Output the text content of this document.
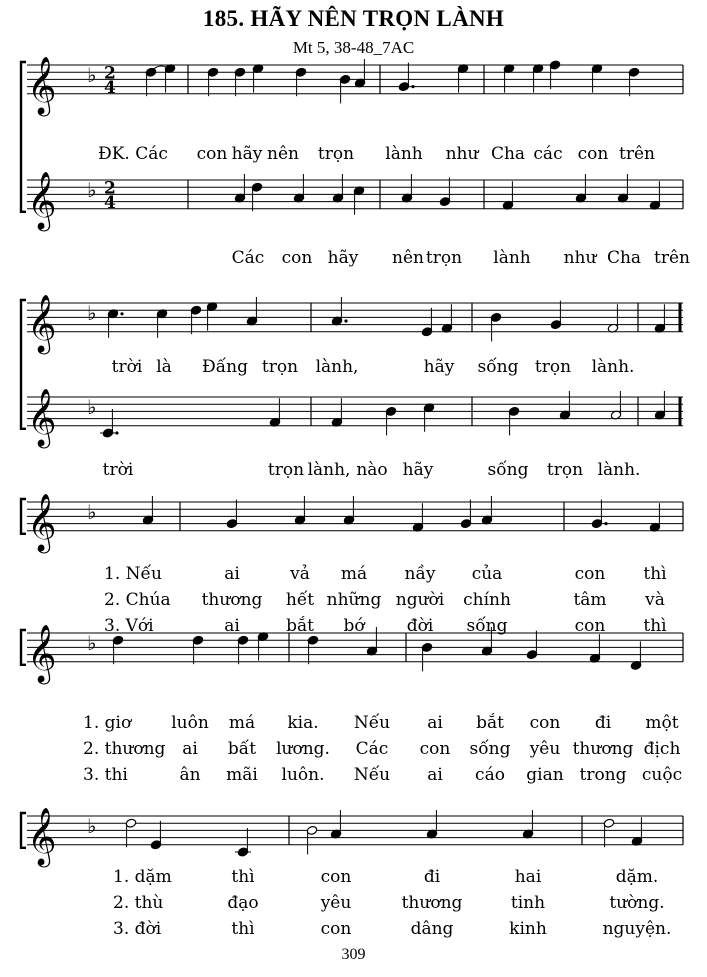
185. HÃY NÊN TRỌN LÀNH
Mt 5, 38-48_7AC
309
𝄞
𝄞
♭
♭
2
4
2
4
𝄞
𝄞
♭
♭
𝄞 ♭
𝄞 ♭
𝄞 ♭
ĐK. Các con hãy nên trọn lành như Cha các con trên
Các con hãy nên trọn lành như Cha trên
trời là Đấng trọn lành,	hãy sống trọn lành.
trời	trọn lành, nào hãy	sống trọn lành.
1. Nếu	ai	vả má nầy của	con thì
2. Chúa thương hết những người chính	tâm và
3. Với	ai	bắt bớ đời sống	con thì
1. giơ luôn má kia. Nếu ai bắt con đi một
2. thương ai bất lương. Các con sống yêu thương địch
3. thi	ân mãi luôn. Nếu ai cáo gian trong cuộc
1. dặm	thì	con	đi	hai	dặm.
2. thù	đạo	yêu	thương	tinh	tường.
3. đời	thì	con	dâng	kinh	nguyện.
